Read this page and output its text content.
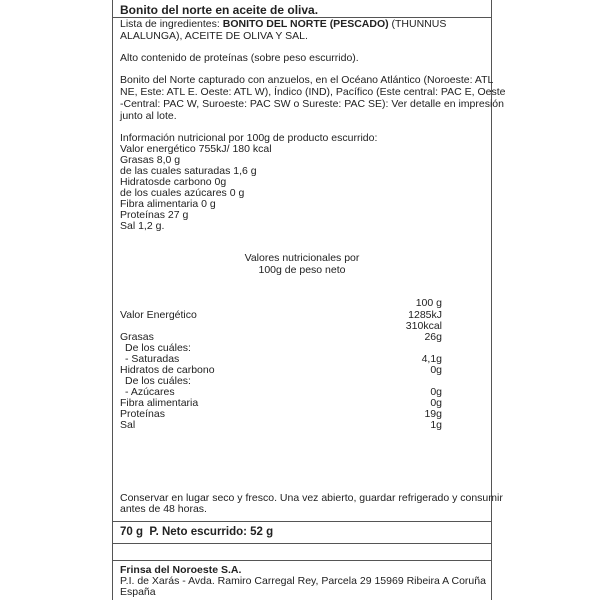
Bonito del norte en aceite de oliva.
Lista de ingredientes: BONITO DEL NORTE (PESCADO) (THUNNUS
ALALUNGA), ACEITE DE OLIVA Y SAL.
Alto contenido de proteínas (sobre peso escurrido).
Bonito del Norte capturado con anzuelos, en el Océano Atlántico (Noroeste: ATL
NE, Este: ATL E. Oeste: ATL W), Índico (IND), Pacífico (Este central: PAC E, Oeste
-Central: PAC W, Suroeste: PAC SW o Sureste: PAC SE): Ver detalle en impresión
junto al lote.
Información nutricional por 100g de producto escurrido:
Valor energético 755kJ/ 180 kcal
Grasas 8,0 g
de las cuales saturadas 1,6 g
Hidratosde carbono 0g
de los cuales azúcares 0 g
Fibra alimentaria 0 g
Proteínas 27 g
Sal 1,2 g.
Valores nutricionales por
100g de peso neto
100 g
Valor Energético	1285kJ
310kcal
Grasas	26g
De los cuáles:
- Saturadas	4,1g
Hidratos de carbono	0g
De los cuáles:
- Azúcares	0g
Fibra alimentaria	0g
Proteínas	19g
Sal	1g
Conservar en lugar seco y fresco. Una vez abierto, guardar refrigerado y consumir
antes de 48 horas.
70 g P. Neto escurrido: 52 g
Frinsa del Noroeste S.A.
P.I. de Xarás - Avda. Ramiro Carregal Rey, Parcela 29 15969 Ribeira A Coruña
España
